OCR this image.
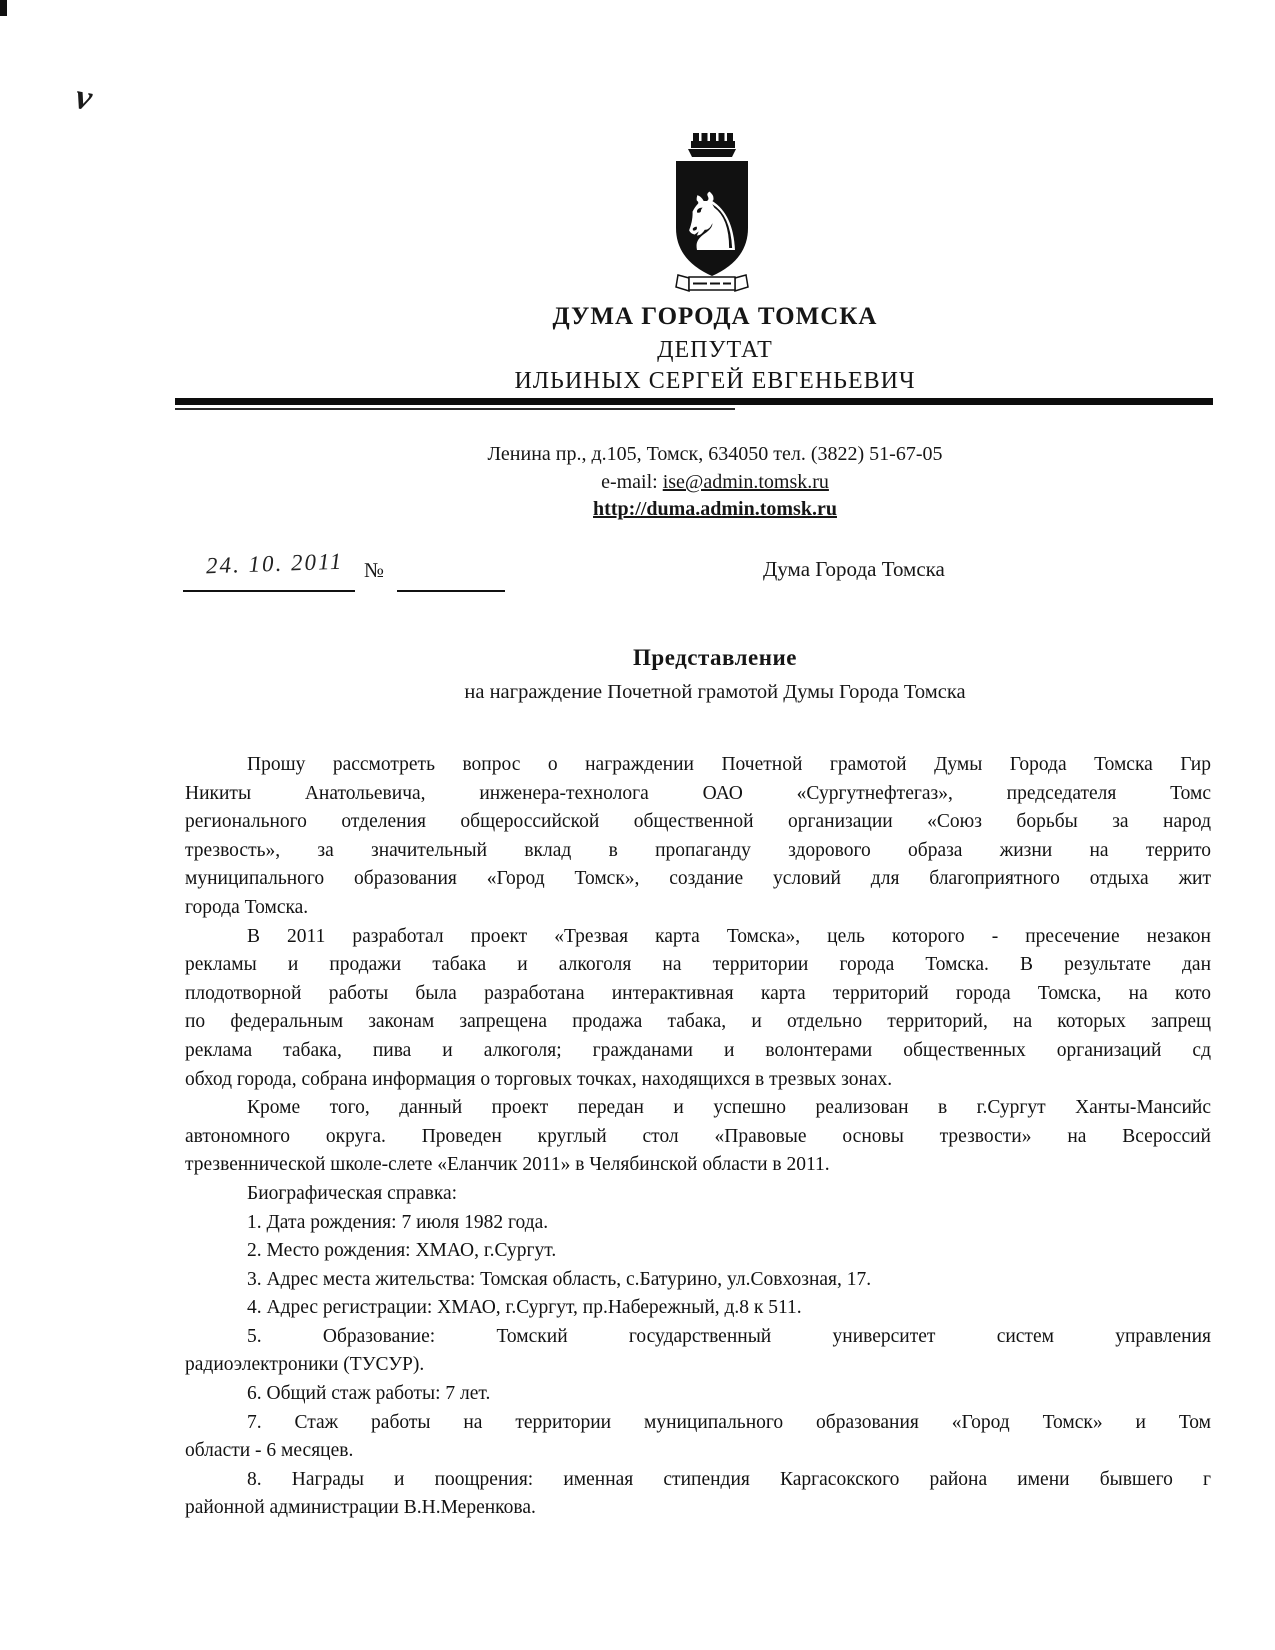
ν
♞
ДУМА ГОРОДА ТОМСКА
ДЕПУТАТ
ИЛЬИНЫХ СЕРГЕЙ ЕВГЕНЬЕВИЧ
Ленина пр., д.105, Томск, 634050 тел. (3822) 51-67-05
e-mail: ise@admin.tomsk.ru
http://duma.admin.tomsk.ru
24. 10. 2011 №	Дума Города Томска
Представление
на награждение Почетной грамотой Думы Города Томска
Прошу рассмотреть вопрос о награждении Почетной грамотой Думы Города Томска Гир
Никиты Анатольевича, инженера-технолога ОАО «Сургутнефтегаз», председателя Томс
регионального отделения общероссийской общественной организации «Союз борьбы за народ
трезвость», за значительный вклад в пропаганду здорового образа жизни на террито
муниципального образования «Город Томск», создание условий для благоприятного отдыха жит
города Томска.
В 2011 разработал проект «Трезвая карта Томска», цель которого - пресечение незакон
рекламы и продажи табака и алкоголя на территории города Томска. В результате дан
плодотворной работы была разработана интерактивная карта территорий города Томска, на кото
по федеральным законам запрещена продажа табака, и отдельно территорий, на которых запрещ
реклама табака, пива и алкоголя; гражданами и волонтерами общественных организаций сд
обход города, собрана информация о торговых точках, находящихся в трезвых зонах.
Кроме того, данный проект передан и успешно реализован в г.Сургут Ханты-Мансийс
автономного округа. Проведен круглый стол «Правовые основы трезвости» на Всероссий
трезвеннической школе-слете «Еланчик 2011» в Челябинской области в 2011.
Биографическая справка:
1. Дата рождения: 7 июля 1982 года.
2. Место рождения: ХМАО, г.Сургут.
3. Адрес места жительства: Томская область, с.Батурино, ул.Совхозная, 17.
4. Адрес регистрации: ХМАО, г.Сургут, пр.Набережный, д.8 к 511.
5. Образование: Томский государственный университет систем управления
радиоэлектроники (ТУСУР).
6. Общий стаж работы: 7 лет.
7. Стаж работы на территории муниципального образования «Город Томск» и Том
области - 6 месяцев.
8. Награды и поощрения: именная стипендия Каргасокского района имени бывшего г
районной администрации В.Н.Меренкова.
